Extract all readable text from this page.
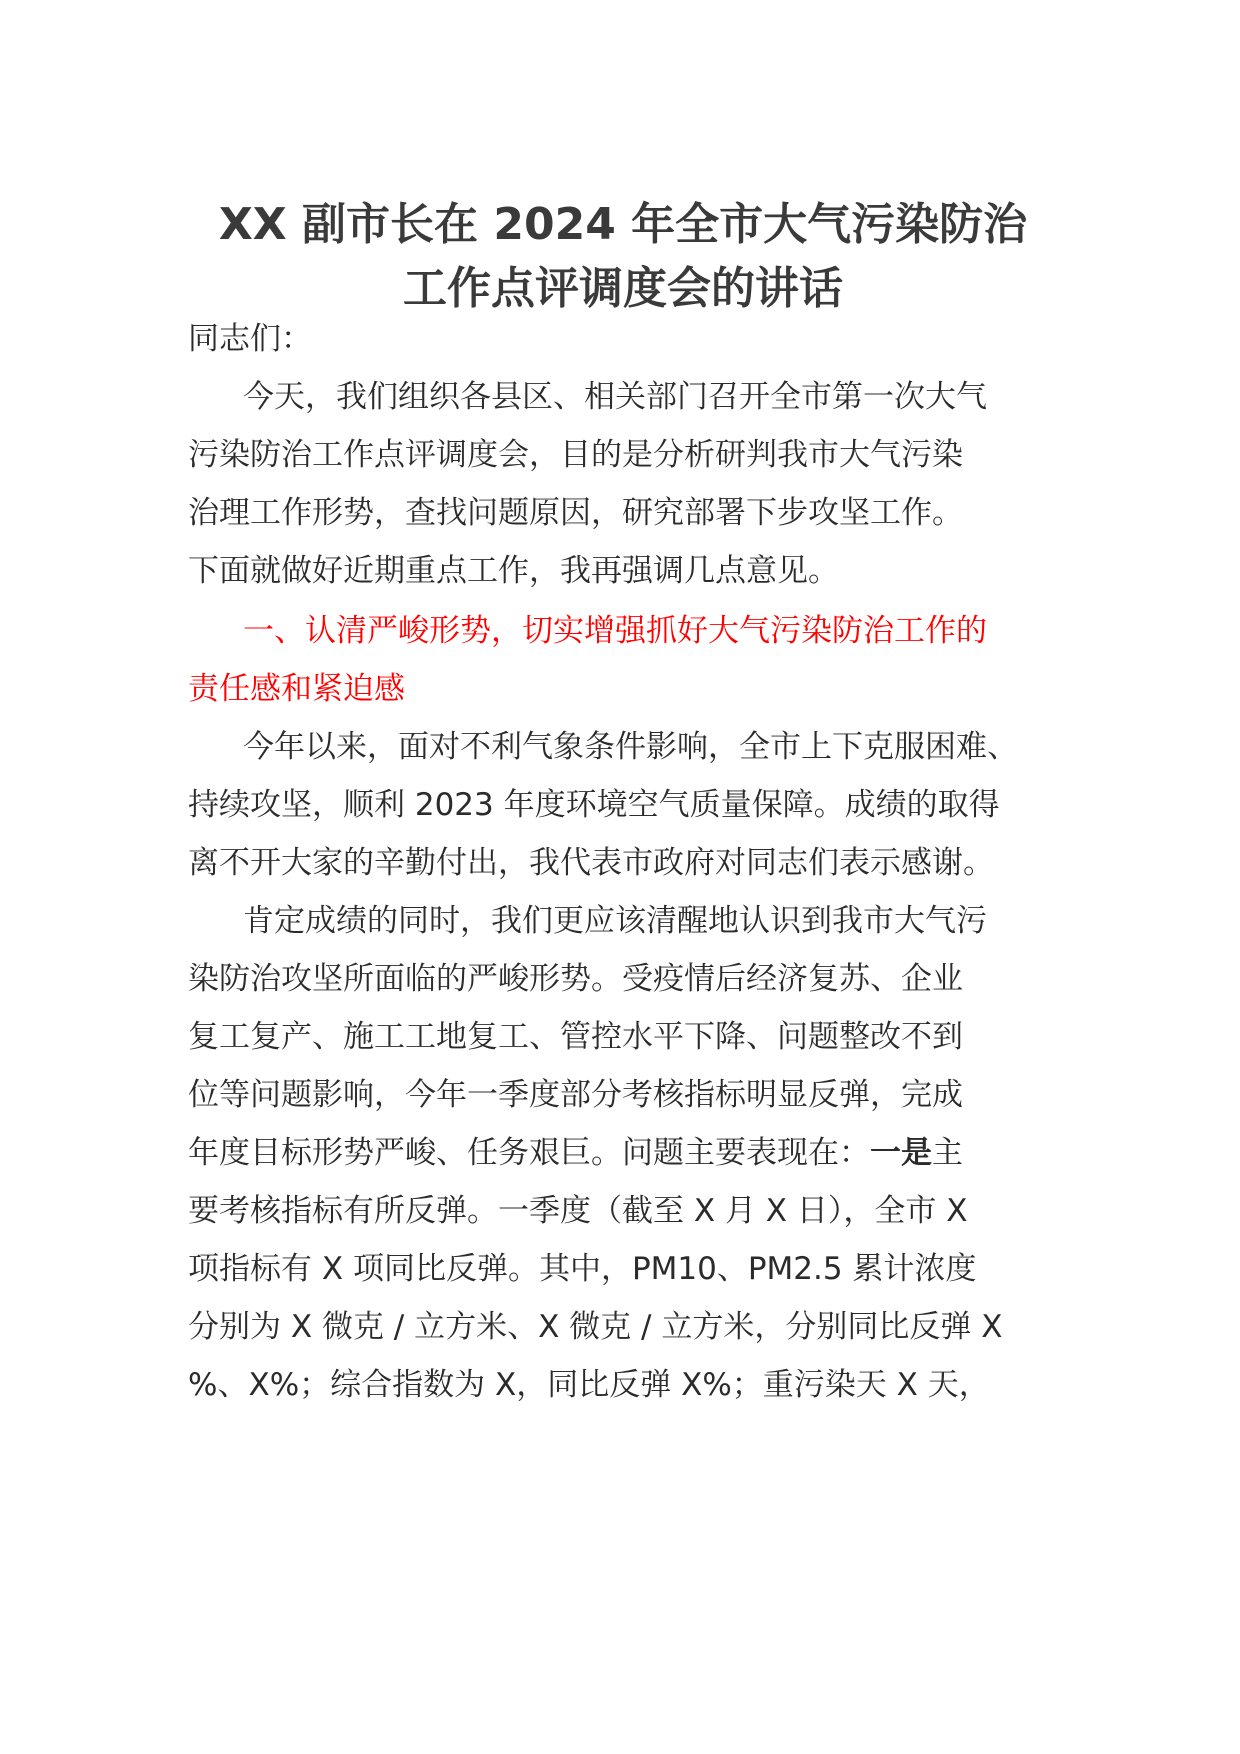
XX 副市长在 2024 年全市大气污染防治
工作点评调度会的讲话
同志们：
今天，我们组织各县区、相关部门召开全市第一次大气
污染防治工作点评调度会，目的是分析研判我市大气污染
治理工作形势，查找问题原因，研究部署下步攻坚工作。
下面就做好近期重点工作，我再强调几点意见。
一、认清严峻形势，切实增强抓好大气污染防治工作的
责任感和紧迫感
今年以来，面对不利气象条件影响，全市上下克服困难、
持续攻坚，顺利 2023 年度环境空气质量保障。成绩的取得
离不开大家的辛勤付出，我代表市政府对同志们表示感谢。
肯定成绩的同时，我们更应该清醒地认识到我市大气污
染防治攻坚所面临的严峻形势。受疫情后经济复苏、企业
复工复产、施工工地复工、管控水平下降、问题整改不到
位等问题影响，今年一季度部分考核指标明显反弹，完成
年度目标形势严峻、任务艰巨。问题主要表现在：一是主
要考核指标有所反弹。一季度（截至 X 月 X 日），全市 X
项指标有 X 项同比反弹。其中，PM10、PM2.5 累计浓度
分别为 X 微克 / 立方米、X 微克 / 立方米，分别同比反弹 X
%、X%；综合指数为 X，同比反弹 X%；重污染天 X 天，
